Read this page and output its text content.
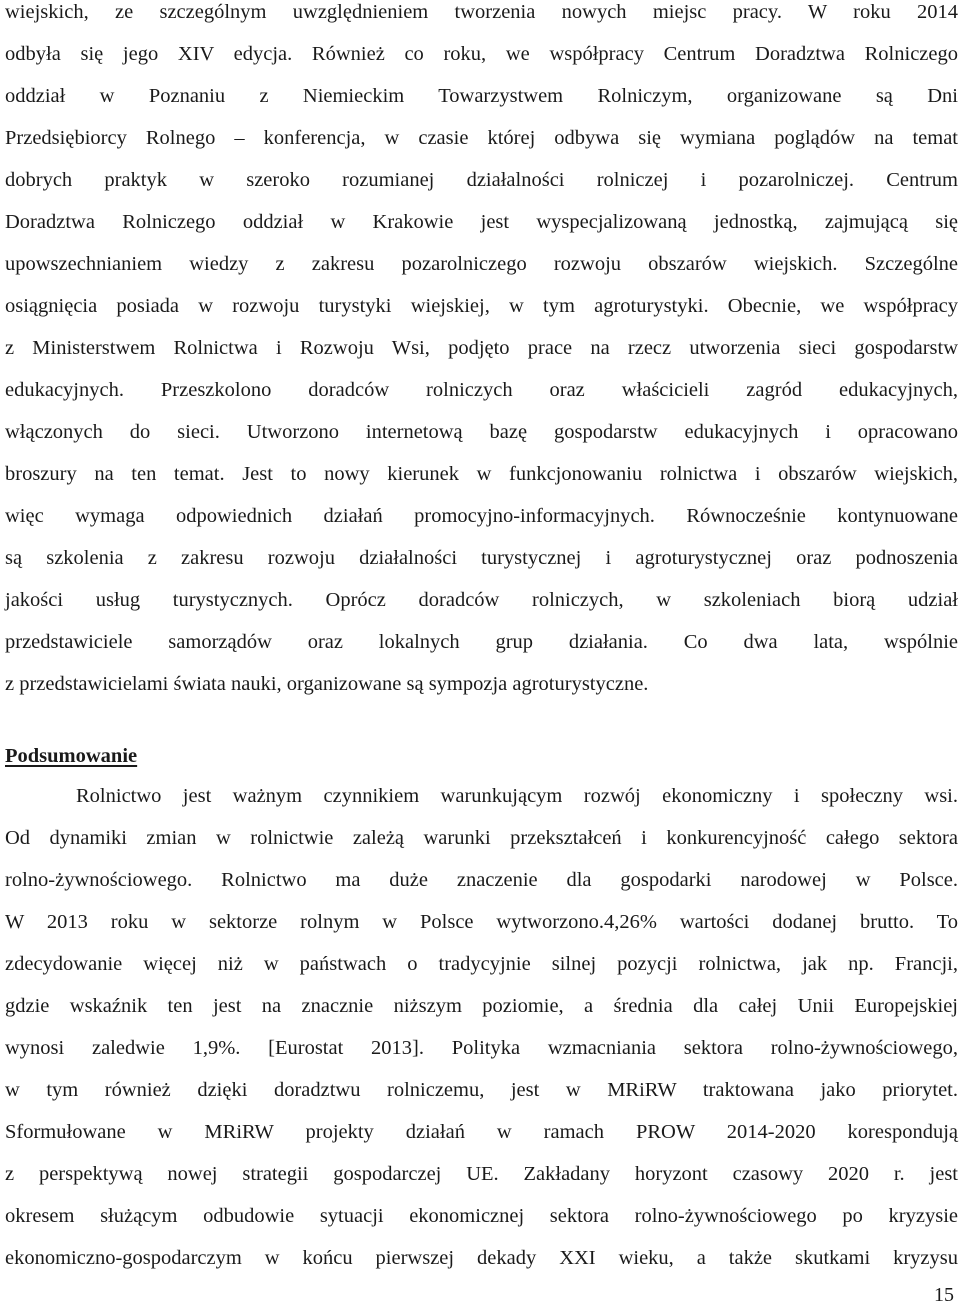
wiejskich, ze szczególnym uwzględnieniem tworzenia nowych miejsc pracy. W roku 2014
odbyła się jego XIV edycja. Również co roku, we współpracy Centrum Doradztwa Rolniczego
oddział w Poznaniu z Niemieckim Towarzystwem Rolniczym, organizowane są Dni
Przedsiębiorcy Rolnego – konferencja, w czasie której odbywa się wymiana poglądów na temat
dobrych praktyk w szeroko rozumianej działalności rolniczej i pozarolniczej. Centrum
Doradztwa Rolniczego oddział w Krakowie jest wyspecjalizowaną jednostką, zajmującą się
upowszechnianiem wiedzy z zakresu pozarolniczego rozwoju obszarów wiejskich. Szczególne
osiągnięcia posiada w rozwoju turystyki wiejskiej, w tym agroturystyki. Obecnie, we współpracy
z Ministerstwem Rolnictwa i Rozwoju Wsi, podjęto prace na rzecz utworzenia sieci gospodarstw
edukacyjnych. Przeszkolono doradców rolniczych oraz właścicieli zagród edukacyjnych,
włączonych do sieci. Utworzono internetową bazę gospodarstw edukacyjnych i opracowano
broszury na ten temat. Jest to nowy kierunek w funkcjonowaniu rolnictwa i obszarów wiejskich,
więc wymaga odpowiednich działań promocyjno-informacyjnych. Równocześnie kontynuowane
są szkolenia z zakresu rozwoju działalności turystycznej i agroturystycznej oraz podnoszenia
jakości usług turystycznych. Oprócz doradców rolniczych, w szkoleniach biorą udział
przedstawiciele samorządów oraz lokalnych grup działania. Co dwa lata, wspólnie
z przedstawicielami świata nauki, organizowane są sympozja agroturystyczne.
Podsumowanie
Rolnictwo jest ważnym czynnikiem warunkującym rozwój ekonomiczny i społeczny wsi.
Od dynamiki zmian w rolnictwie zależą warunki przekształceń i konkurencyjność całego sektora
rolno-żywnościowego. Rolnictwo ma duże znaczenie dla gospodarki narodowej w Polsce.
W 2013 roku w sektorze rolnym w Polsce wytworzono.4,26% wartości dodanej brutto. To
zdecydowanie więcej niż w państwach o tradycyjnie silnej pozycji rolnictwa, jak np. Francji,
gdzie wskaźnik ten jest na znacznie niższym poziomie, a średnia dla całej Unii Europejskiej
wynosi zaledwie 1,9%. [Eurostat 2013]. Polityka wzmacniania sektora rolno-żywnościowego,
w tym również dzięki doradztwu rolniczemu, jest w MRiRW traktowana jako priorytet.
Sformułowane w MRiRW projekty działań w ramach PROW 2014-2020 korespondują
z perspektywą nowej strategii gospodarczej UE. Zakładany horyzont czasowy 2020 r. jest
okresem służącym odbudowie sytuacji ekonomicznej sektora rolno-żywnościowego po kryzysie
ekonomiczno-gospodarczym w końcu pierwszej dekady XXI wieku, a także skutkami kryzysu
15
